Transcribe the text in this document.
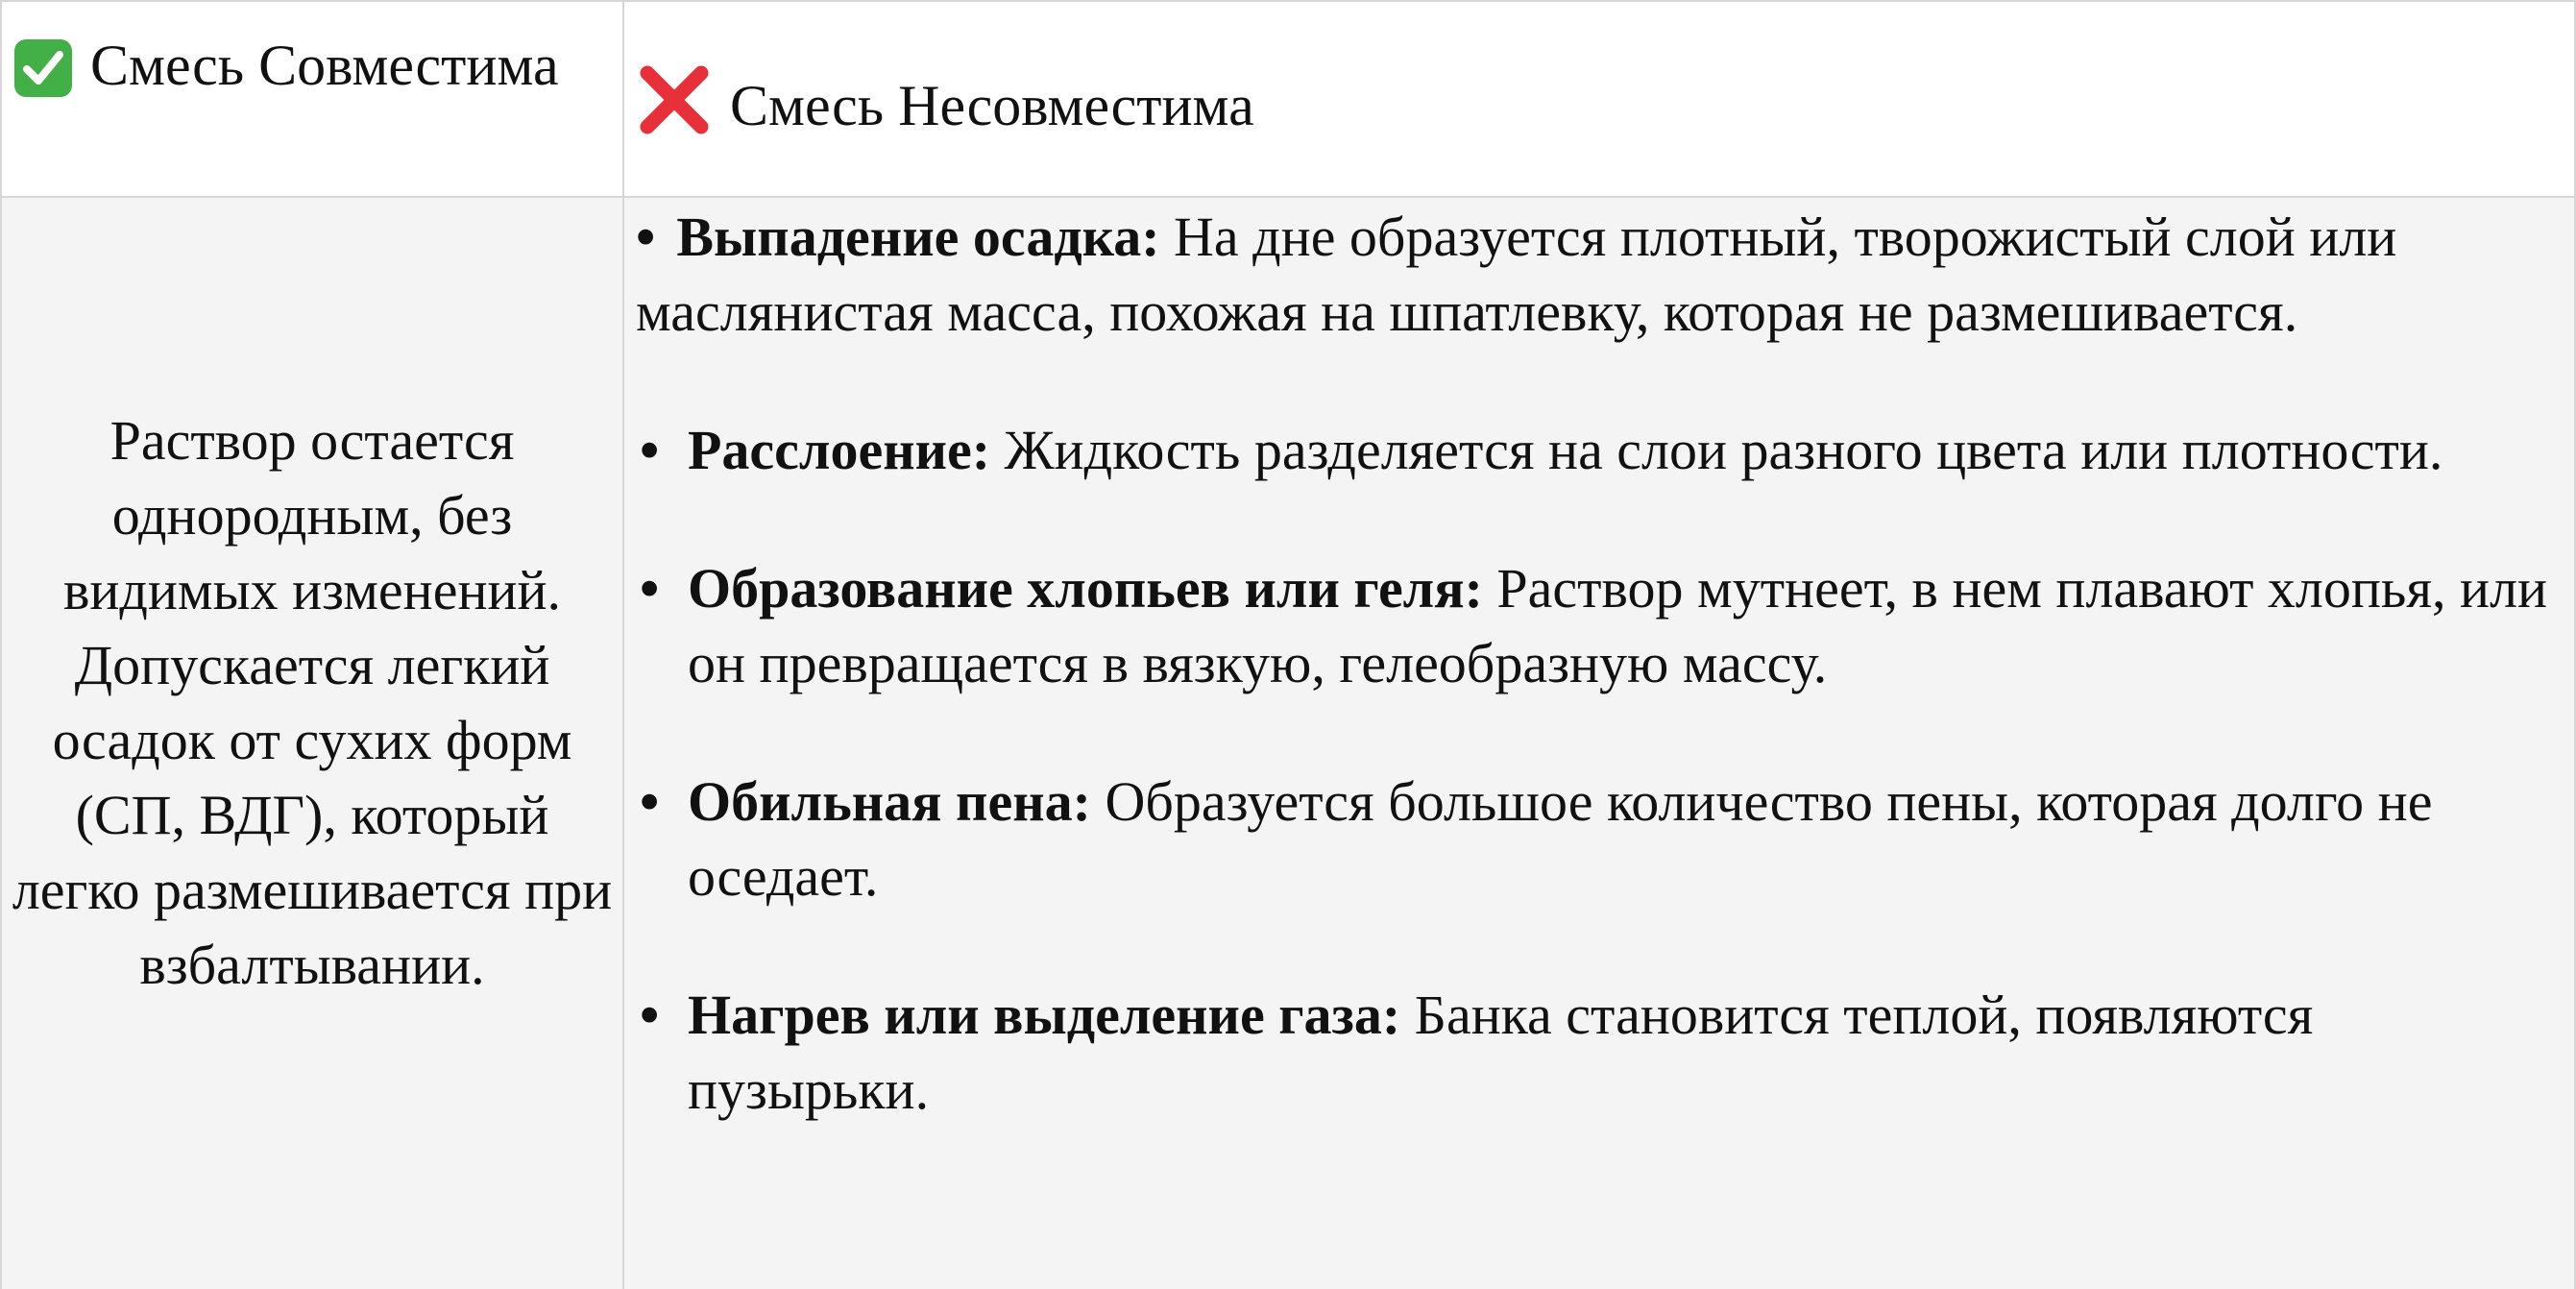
Смесь Совместима
Смесь Несовместима
Раствор остается однородным, без видимых изменений. Допускается легкий осадок от сухих форм (СП, ВДГ), который легко размешивается при взбалтывании.
• Выпадение осадка: На дне образуется плотный, творожистый слой или маслянистая масса, похожая на шпатлевку, которая не размешивается.
• Расслоение: Жидкость разделяется на слои разного цвета или плотности.
• Образование хлопьев или геля: Раствор мутнеет, в нем плавают хлопья, или он превращается в вязкую, гелеобразную массу.
• Обильная пена: Образуется большое количество пены, которая долго не оседает.
• Нагрев или выделение газа: Банка становится теплой, появляются пузырьки.
